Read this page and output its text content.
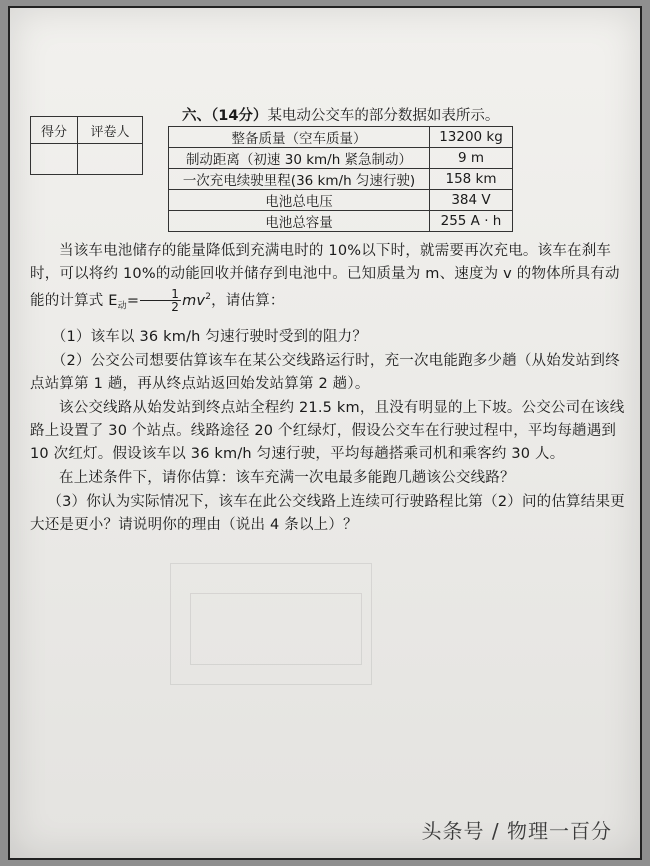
得分	评卷人

六、（14分）某电动公交车的部分数据如表所示。
整备质量（空车质量）	13200 kg
制动距离（初速 30 km/h 紧急制动）	9 m
一次充电续驶里程(36 km/h 匀速行驶)	158 km
电池总电压	384 V
电池总容量	255 A · h
当该车电池储存的能量降低到充满电时的 10%以下时，就需要再次充电。该车在刹车时，可以将约 10%的动能回收并储存到电池中。已知质量为 m、速度为 v 的物体所具有动能的计算式 $E_动= \frac{1}{2} mv^2$，请估算：
（1）该车以 36 km/h 匀速行驶时受到的阻力？
（2）公交公司想要估算该车在某公交线路运行时，充一次电能跑多少趟（从始发站到终点站算第 1 趟，再从终点站返回始发站算第 2 趟）。
该公交线路从始发站到终点站全程约 21.5 km，且没有明显的上下坡。公交公司在该线路上设置了 30 个站点。线路途径 20 个红绿灯，假设公交车在行驶过程中，平均每趟遇到 10 次红灯。假设该车以 36 km/h 匀速行驶，平均每趟搭乘司机和乘客约 30 人。
在上述条件下，请你估算：该车充满一次电最多能跑几趟该公交线路？
（3）你认为实际情况下，该车在此公交线路上连续可行驶路程比第（2）问的估算结果更大还是更小？请说明你的理由（说出 4 条以上）？
头条号 / 物理一百分
